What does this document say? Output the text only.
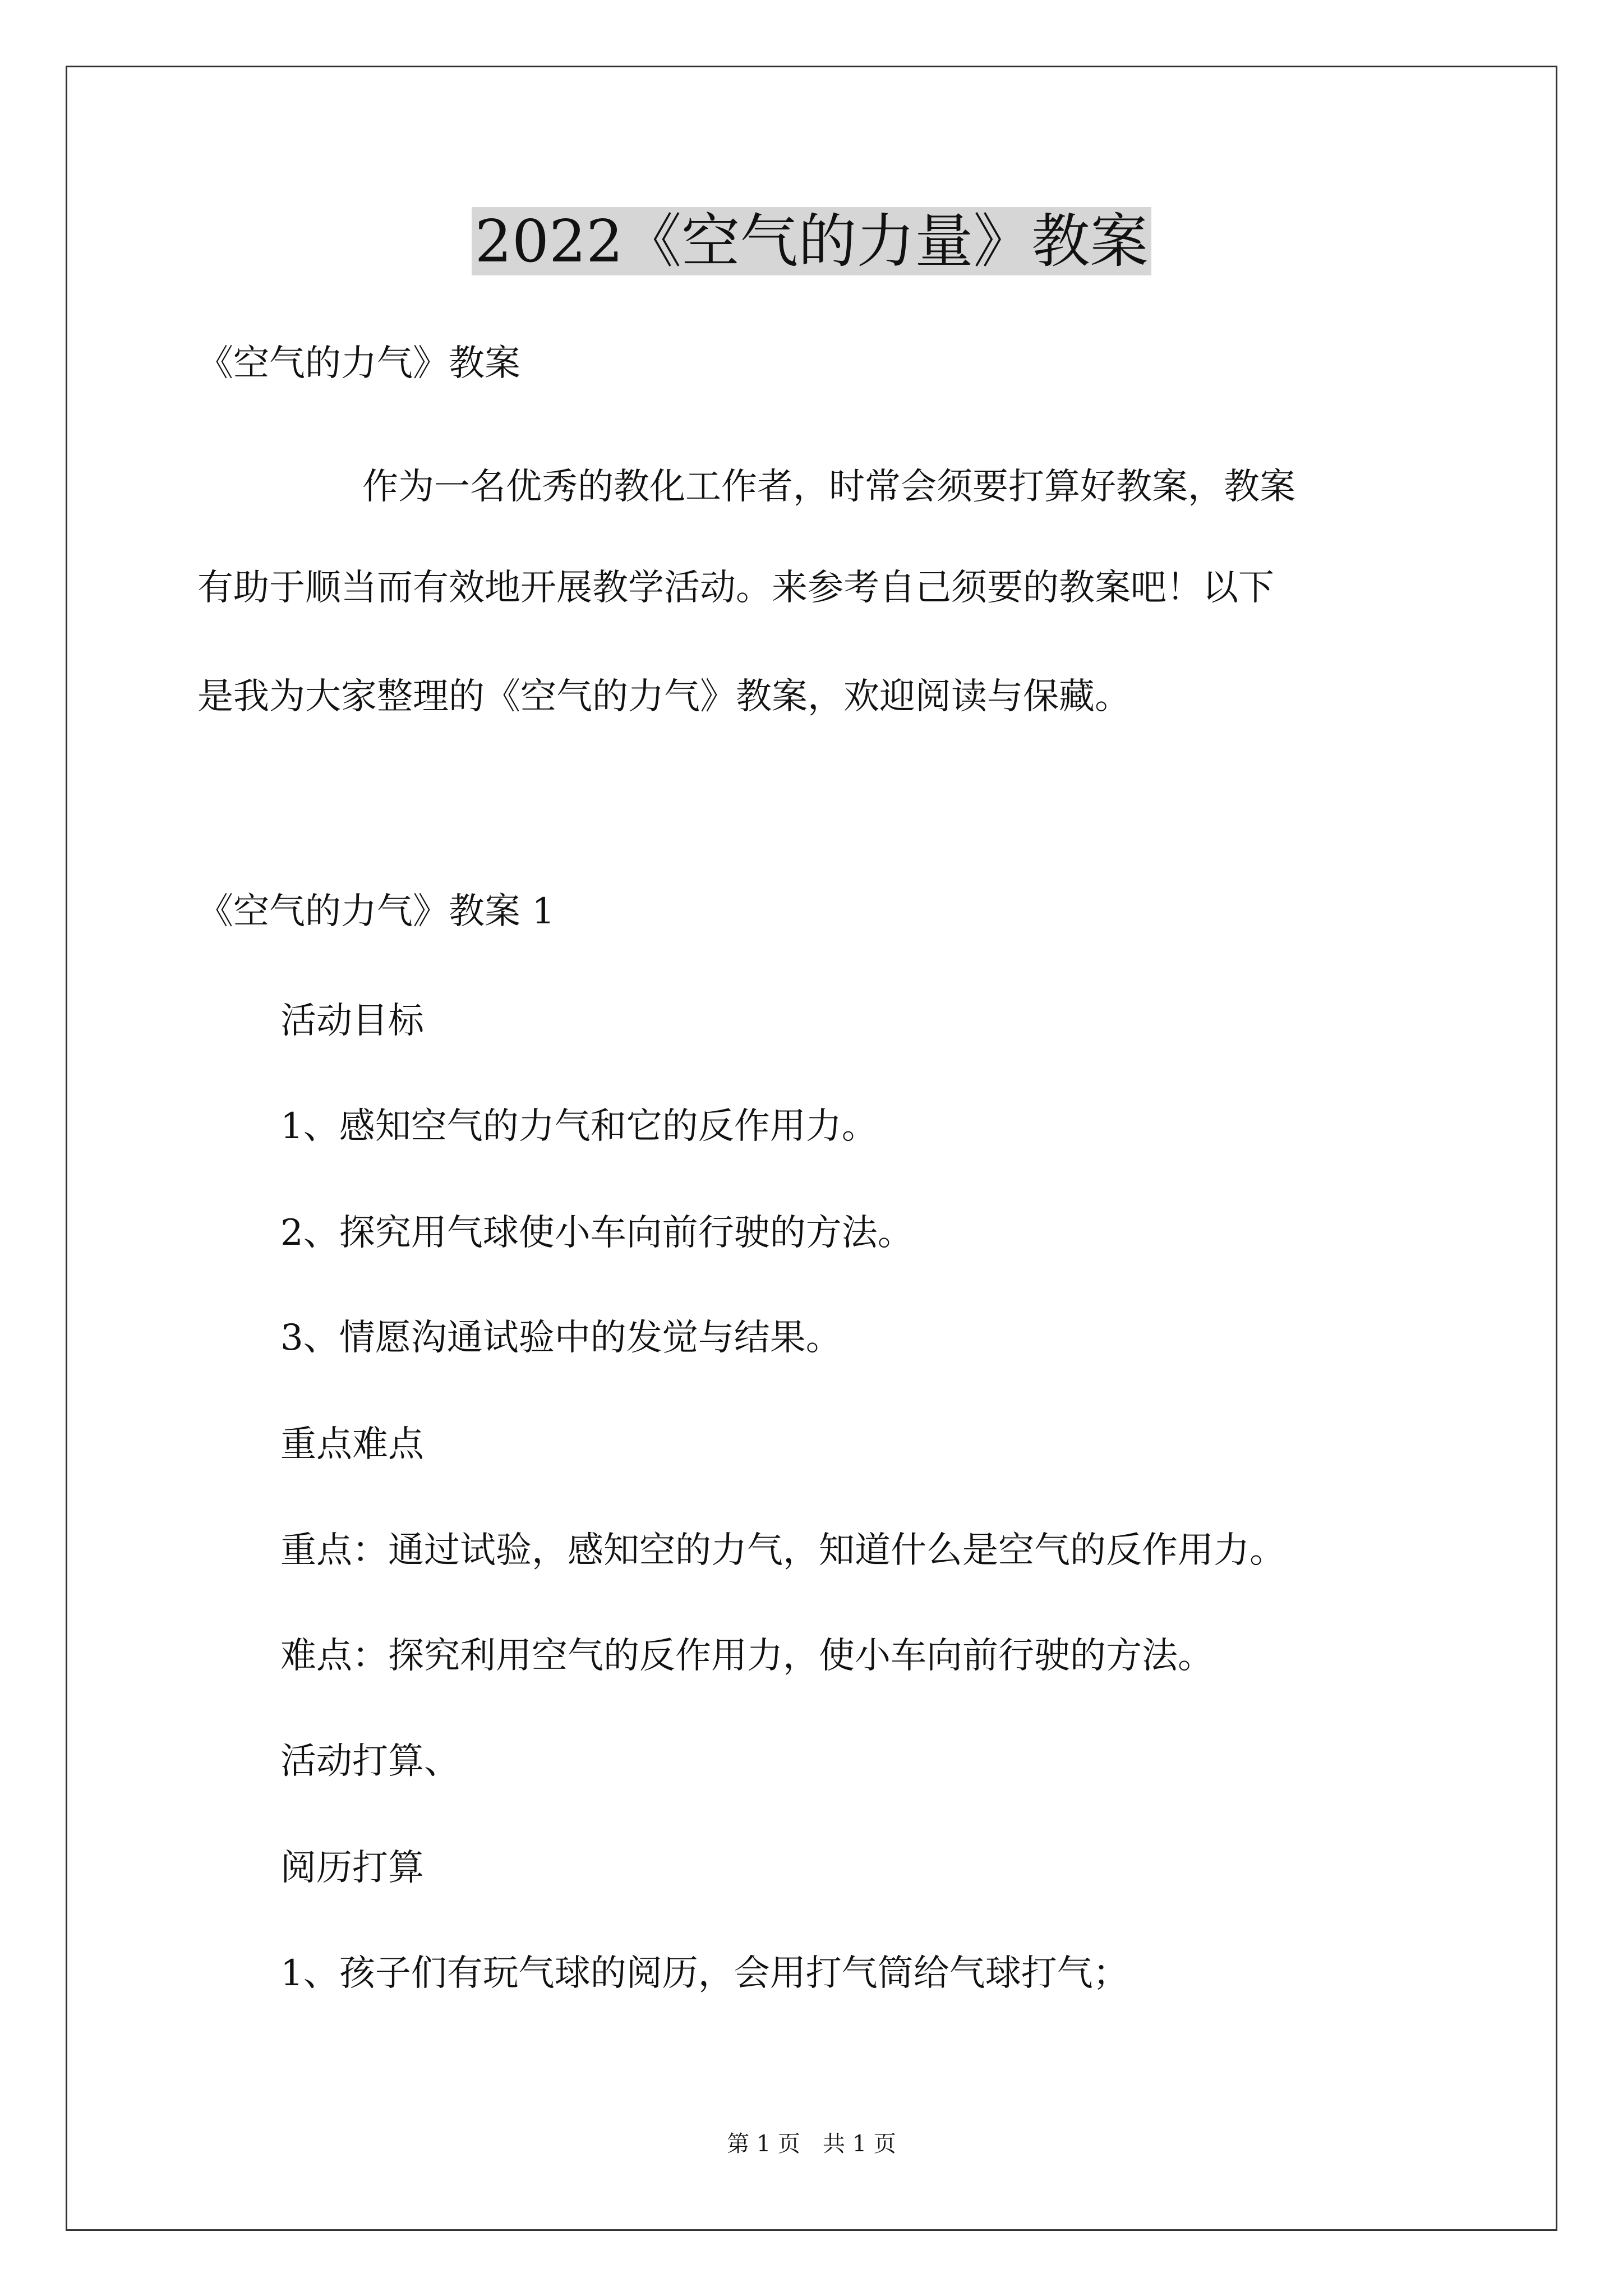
2022《空气的力量》教案
《空气的力气》教案
作为一名优秀的教化工作者，时常会须要打算好教案，教案
有助于顺当而有效地开展教学活动。来参考自己须要的教案吧！以下
是我为大家整理的《空气的力气》教案，欢迎阅读与保藏。
《空气的力气》教案 1
活动目标
1、感知空气的力气和它的反作用力。
2、探究用气球使小车向前行驶的方法。
3、情愿沟通试验中的发觉与结果。
重点难点
重点：通过试验，感知空的力气，知道什么是空气的反作用力。
难点：探究利用空气的反作用力，使小车向前行驶的方法。
活动打算、
阅历打算
1、孩子们有玩气球的阅历，会用打气筒给气球打气；
第 1 页　共 1 页
